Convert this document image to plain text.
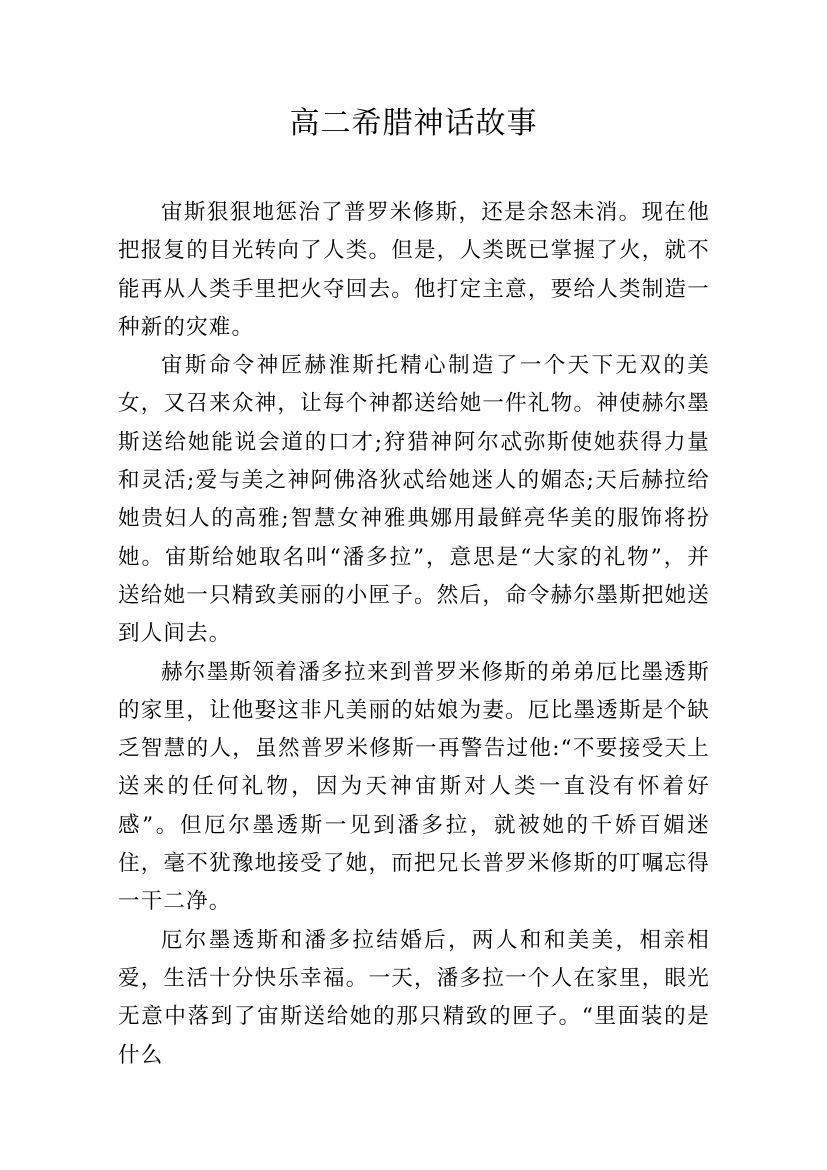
高二希腊神话故事

宙斯狠狠地惩治了普罗米修斯，还是余怒未消。现在他把报复的目光转向了人类。但是，人类既已掌握了火，就不能再从人类手里把火夺回去。他打定主意，要给人类制造一种新的灾难。

宙斯命令神匠赫淮斯托精心制造了一个天下无双的美女，又召来众神，让每个神都送给她一件礼物。神使赫尔墨斯送给她能说会道的口才;狩猎神阿尔忒弥斯使她获得力量和灵活;爱与美之神阿佛洛狄忒给她迷人的媚态;天后赫拉给她贵妇人的高雅;智慧女神雅典娜用最鲜亮华美的服饰将扮她。宙斯给她取名叫“潘多拉”，意思是“大家的礼物”，并送给她一只精致美丽的小匣子。然后，命令赫尔墨斯把她送到人间去。

赫尔墨斯领着潘多拉来到普罗米修斯的弟弟厄比墨透斯的家里，让他娶这非凡美丽的姑娘为妻。厄比墨透斯是个缺乏智慧的人，虽然普罗米修斯一再警告过他:“不要接受天上送来的任何礼物，因为天神宙斯对人类一直没有怀着好感”。但厄尔墨透斯一见到潘多拉，就被她的千娇百媚迷住，毫不犹豫地接受了她，而把兄长普罗米修斯的叮嘱忘得一干二净。

厄尔墨透斯和潘多拉结婚后，两人和和美美，相亲相爱，生活十分快乐幸福。一天，潘多拉一个人在家里，眼光无意中落到了宙斯送给她的那只精致的匣子。“里面装的是什么
